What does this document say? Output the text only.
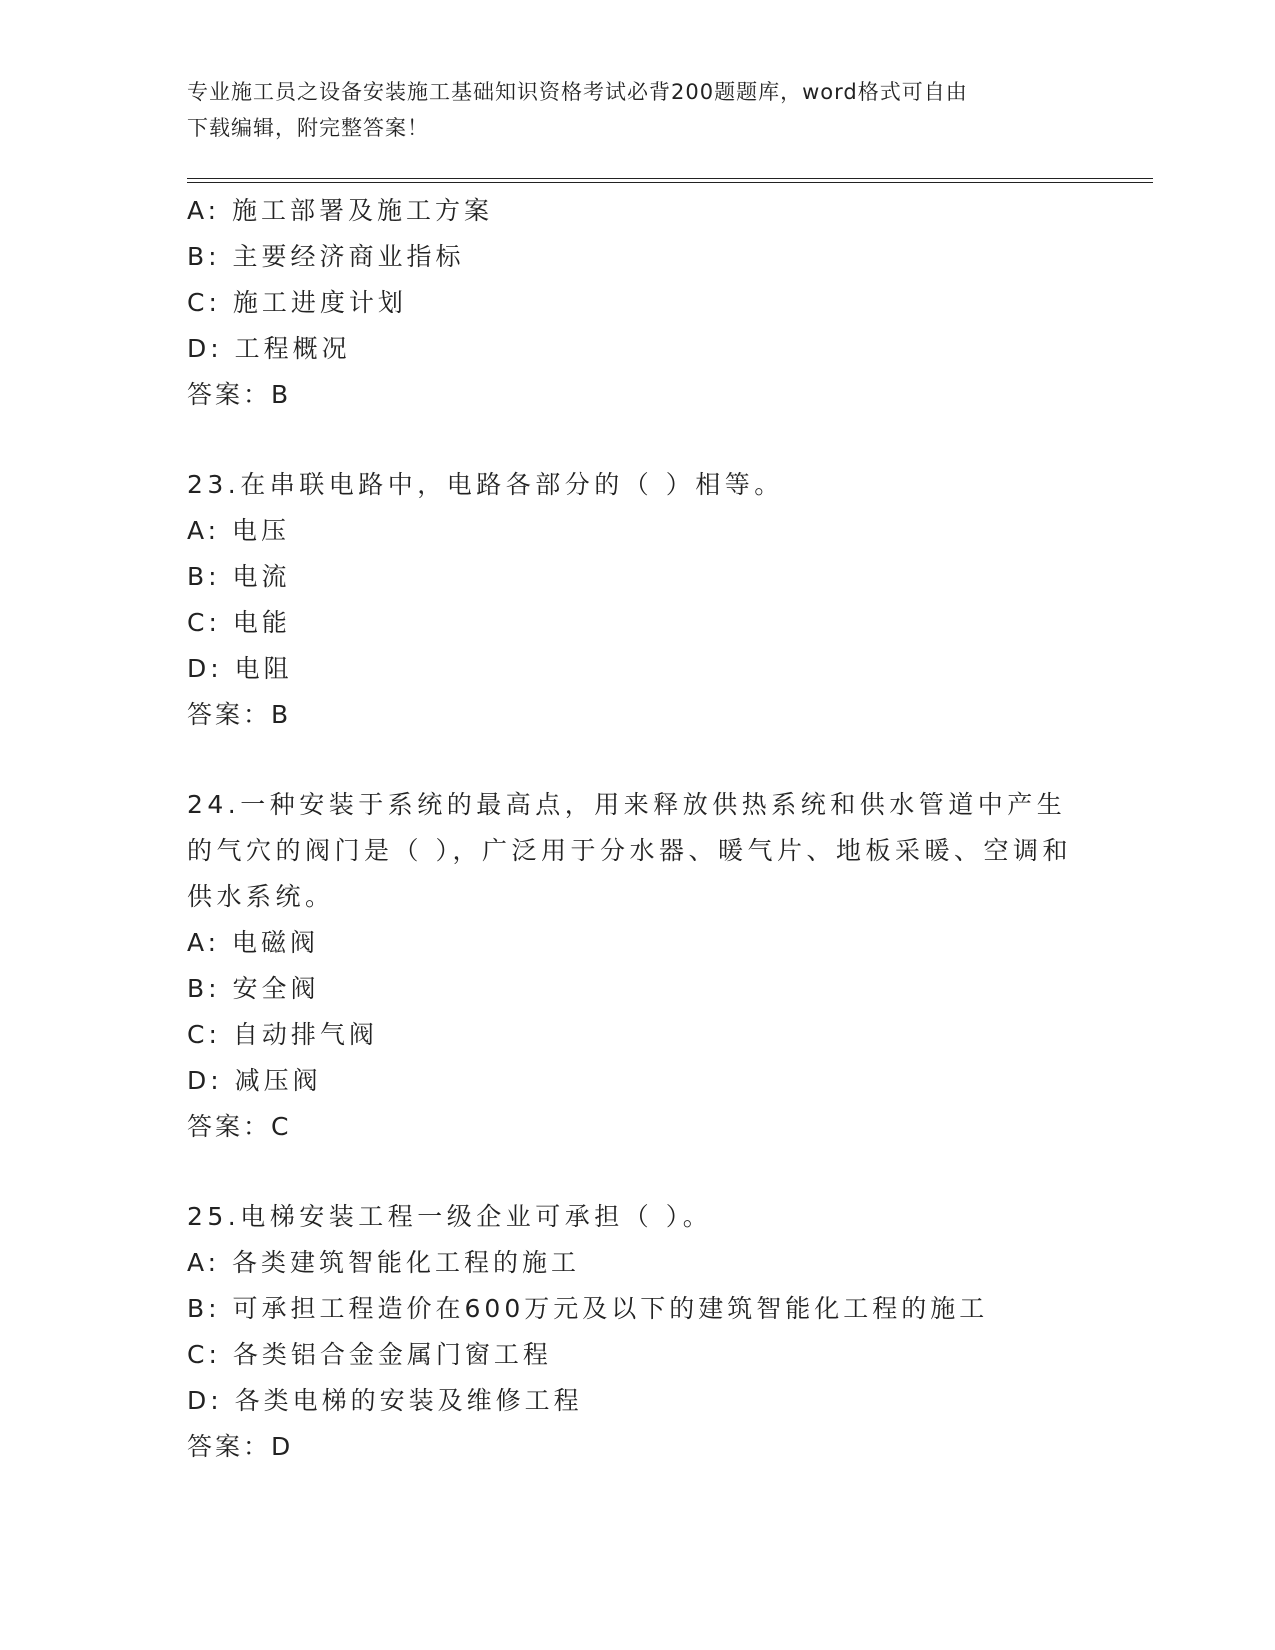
专业施工员之设备安装施工基础知识资格考试必背200题题库，word格式可自由
下载编辑，附完整答案！
A: 施工部署及施工方案
B: 主要经济商业指标
C: 施工进度计划
D: 工程概况
答案：B
23.在串联电路中，电路各部分的（ ）相等。
A: 电压
B: 电流
C: 电能
D: 电阻
答案：B
24.一种安装于系统的最高点，用来释放供热系统和供水管道中产生的气穴的阀门是（ ），广泛用于分水器、暖气片、地板采暖、空调和供水系统。
A: 电磁阀
B: 安全阀
C: 自动排气阀
D: 减压阀
答案：C
25.电梯安装工程一级企业可承担（ ）。
A: 各类建筑智能化工程的施工
B: 可承担工程造价在600万元及以下的建筑智能化工程的施工
C: 各类铝合金金属门窗工程
D: 各类电梯的安装及维修工程
答案：D
